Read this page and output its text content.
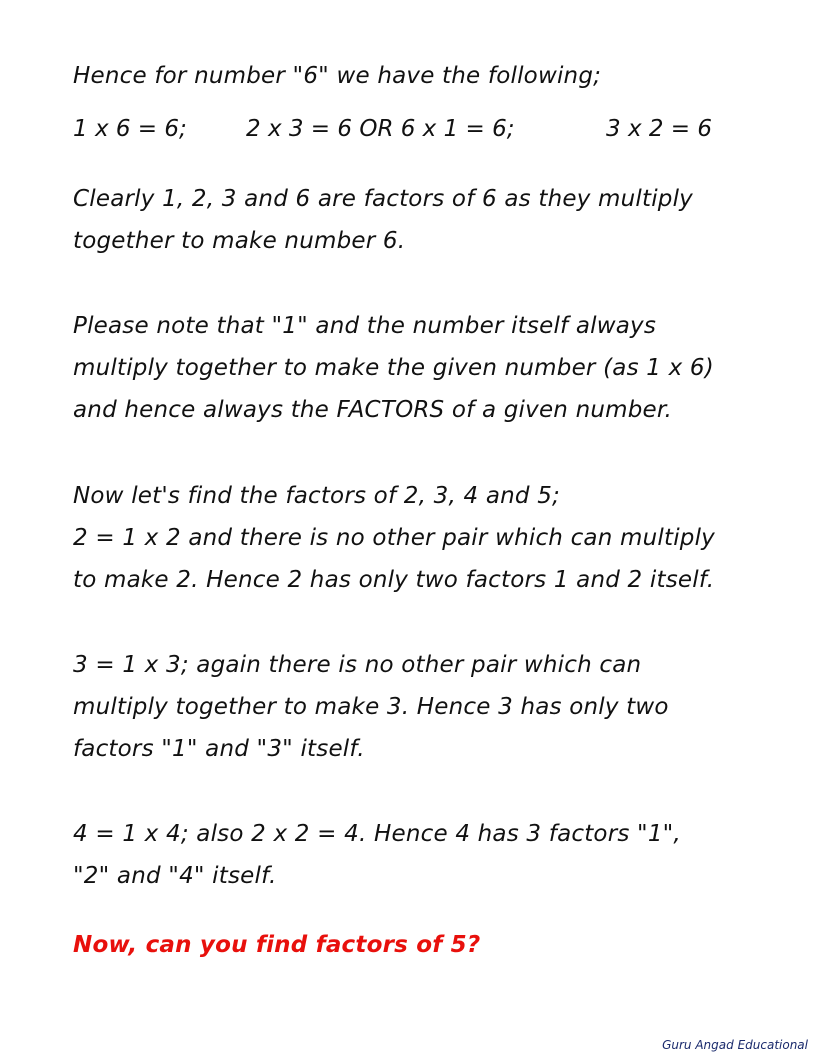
Hence for number "6" we have the following;
1 x 6 = 6;	2 x 3 = 6 OR 6 x 1 = 6;	3 x 2 = 6
Clearly 1, 2, 3 and 6 are factors of 6 as they multiply
together to make number 6.
Please note that "1" and the number itself always
multiply together to make the given number (as 1 x 6)
and hence always the FACTORS of a given number.
Now let's find the factors of 2, 3, 4 and 5;
2 = 1 x 2 and there is no other pair which can multiply
to make 2. Hence 2 has only two factors 1 and 2 itself.
3 = 1 x 3; again there is no other pair which can
multiply together to make 3. Hence 3 has only two
factors "1" and "3" itself.
4 = 1 x 4; also 2 x 2 = 4. Hence 4 has 3 factors "1",
"2" and "4" itself.
Now, can you find factors of 5?
Guru Angad Educational
